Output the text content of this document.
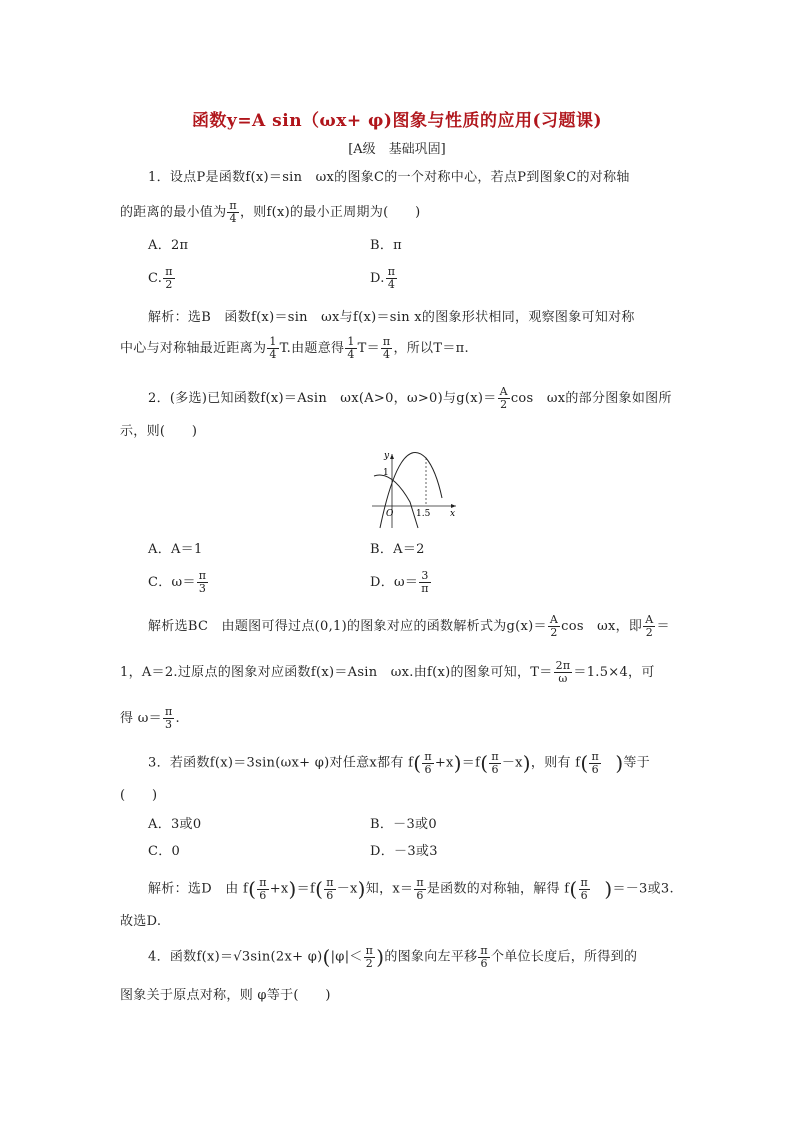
函数y=A sin（ωx+ φ)图象与性质的应用(习题课)
[A级　基础巩固]
1．设点P是函数f(x)＝sin　ωx的图象C的一个对称中心，若点P到图象C的对称轴
的距离的最小值为 $\frac{\pi}{4}$ ，则f(x)的最小正周期为(　　)
A．2π	B．π
C. $\frac{\pi}{2}$	D. $\frac{\pi}{4}$
解析：选B　函数f(x)＝sin　ωx与f(x)＝sin x的图象形状相同，观察图象可知对称
中心与对称轴最近距离为 $\frac{1}{4} T$.由题意得 $\frac{1}{4} T= \frac{\pi}{4}$ ，所以T＝π.
2．(多选)已知函数f(x)＝Asin　ωx(A>0，ω>0)与$g(x)= \frac{A}{2}$ cos　ωx的部分图象如图所
示，则(　　)
y
x
1
O	1.5
A．A＝1	B．A＝2
C．$\omega= \frac{\pi}{3}$	D．$\omega= \frac{3}{\pi}$
解析选BC　由题图可得过点(0,1)的图象对应的函数解析式为$g(x)= \frac{A}{2}$ cos　ωx，即 $\frac{A}{2}$ ＝
1，A＝2.过原点的图象对应函数f(x)＝Asin　ωx.由f(x)的图象可知，$T= \frac{2\pi}{\omega} =1.5\times 4$，可
得 $\omega= \frac{\pi}{3}$ .
3．若函数f(x)＝3sin(ωx+ φ)对任意x都有 $f( \frac{\pi}{6} +x)=f( \frac{\pi}{6} -x)$，则有 $f( \frac{\pi}{6}$
　 )等于
(　　)
A．3或0	B．－3或0
C．0	D．－3或3
解析：选D　由 $f( \frac{\pi}{6} +x)=f( \frac{\pi}{6} -x)$知，$x= \frac{\pi}{6}$ 是函数的对称轴，解得 $f( \frac{\pi}{6}$
　 )＝－3或3.
故选D.
4．函数$f(x)=√3\sin(2x+ \varphi)(|\varphi|< \frac{\pi}{2}$ )的图象向左平移 $\frac{\pi}{6}$ 个单位长度后，所得到的
图象关于原点对称，则 φ等于(　　)
